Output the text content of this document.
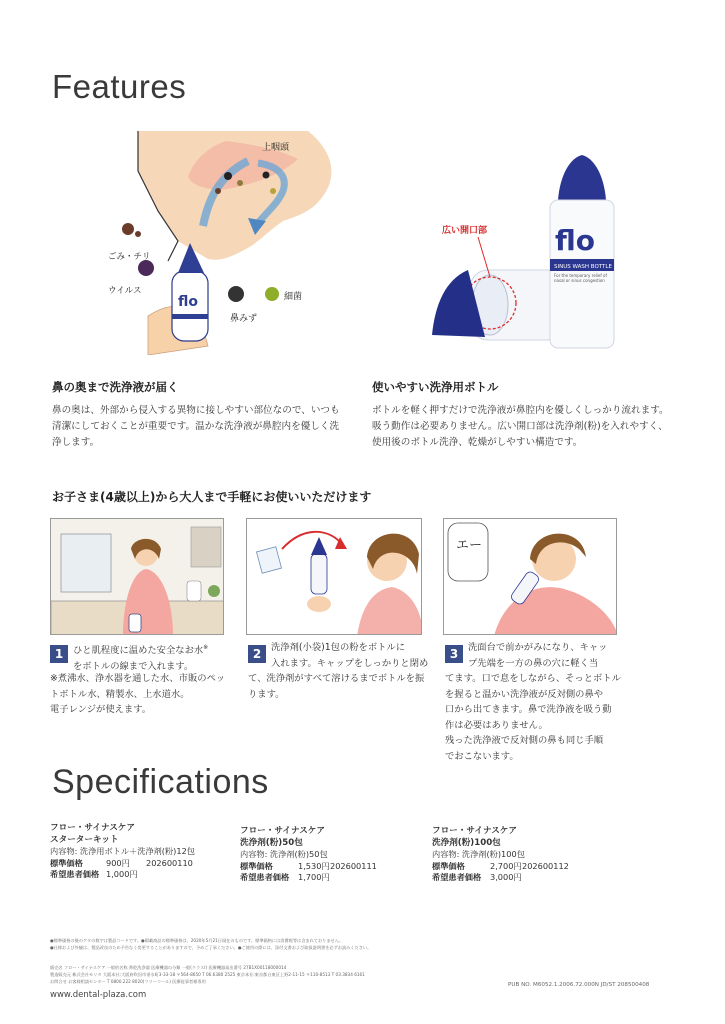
Features
flo
上咽頭
ごみ・チリ
ウイルス
細菌
鼻みず
flo
SINUS WASH BOTTLE
For the temporary relief of nasal or sinus congestion
広い開口部
鼻の奥まで洗浄液が届く
鼻の奥は、外部から侵入する異物に接しやすい部位なので、いつも
清潔にしておくことが重要です。温かな洗浄液が鼻腔内を優しく洗
浄します。
使いやすい洗浄用ボトル
ボトルを軽く押すだけで洗浄液が鼻腔内を優しくしっかり流れます。
吸う動作は必要ありません。広い開口部は洗浄剤(粉)を入れやすく、
使用後のボトル洗浄、乾燥がしやすい構造です。
お子さま(4歳以上)から大人まで手軽にお使いいただけます
エー
1	ひと肌程度に温めた安全なお水※
をボトルの線まで入れます。
※煮沸水、浄水器を通した水、市販のペッ
トボトル水、精製水、上水道水。
電子レンジが使えます。
2	洗浄剤(小袋)1包の粉をボトルに
入れます。キャップをしっかりと閉め
て、洗浄剤がすべて溶けるまでボトルを振
ります。
3	洗面台で前かがみになり、キャッ
プ先端を一方の鼻の穴に軽く当
てます。口で息をしながら、そっとボトル
を握ると温かい洗浄液が反対側の鼻や
口から出てきます。鼻で洗浄液を吸う動
作は必要はありません。
残った洗浄液で反対側の鼻も同じ手順
でおこないます。
Specifications
フロー・サイナスケア
スターターキット
内容物: 洗浄用ボトル＋洗浄剤(粉)12包
標準価格	900円 202600110
希望患者価格 1,000円
フロー・サイナスケア
洗浄剤(粉)50包
内容物: 洗浄剤(粉)50包
標準価格	1,530円202600111
希望患者価格 1,700円
フロー・サイナスケア
洗浄剤(粉)100包
内容物: 洗浄剤(粉)100包
標準価格	2,700円202600112
希望患者価格 3,000円
●標準価格の後のケタの数字は製品コードです。●掲載商品の標準価格は、2020年5月21日現在のものです。標準価格には消費税等は含まれておりません。
●仕様および外観は、製品改良のため予告なく変更することがありますので、予めご了承ください。●ご使用の際には、添付文書および取扱説明書を必ずお読みください。
販売名 フロー・サイナスケア 一般的名称 鼻腔洗浄器 医療機器の分類 一般(クラスⅠ) 医療機器届出番号 27B1X00118000014
製造販売元 株式会社モリタ 大阪本社:大阪府吹田市垂水町3-33-18 〒564-8650 T 06.6380 2525 東京本社:東京都台東区上野2-11-15 〒110-8513 T 03.3834 6161
お問合せ お客様相談センター T 0800.222 8020(フリーコール) 医療従事者様専用
www.dental-plaza.com
PUB NO. M6052.1.2006.72.000N JD/ST 208500408
